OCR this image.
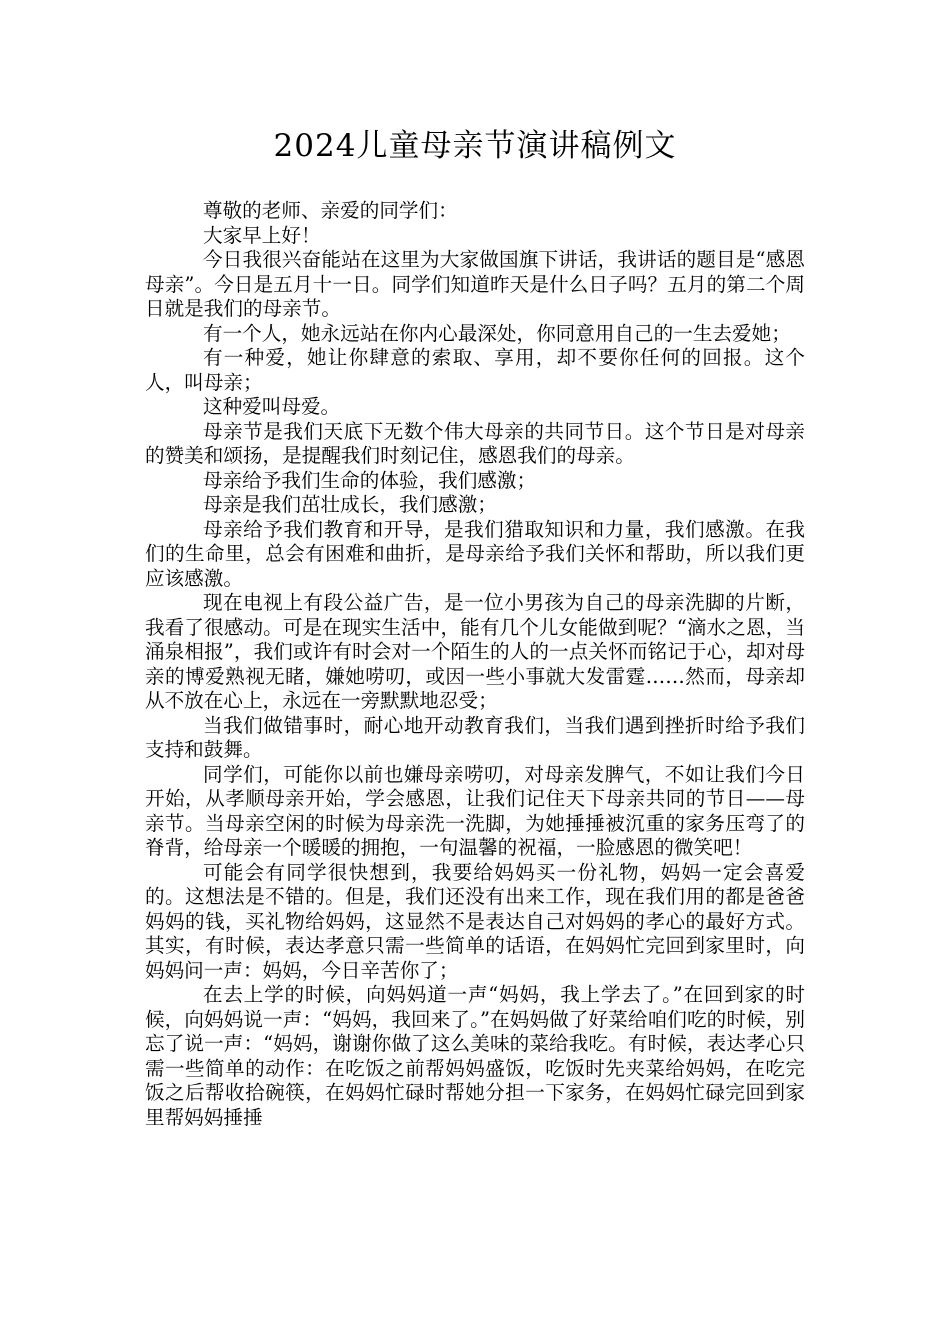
2024儿童母亲节演讲稿例文

尊敬的老师、亲爱的同学们：

大家早上好！

今日我很兴奋能站在这里为大家做国旗下讲话，我讲话的题目是“感恩母亲”。今日是五月十一日。同学们知道昨天是什么日子吗？五月的第二个周日就是我们的母亲节。

有一个人，她永远站在你内心最深处，你同意用自己的一生去爱她；

有一种爱，她让你肆意的索取、享用，却不要你任何的回报。这个人，叫母亲；

这种爱叫母爱。

母亲节是我们天底下无数个伟大母亲的共同节日。这个节日是对母亲的赞美和颂扬，是提醒我们时刻记住，感恩我们的母亲。

母亲给予我们生命的体验，我们感激；

母亲是我们茁壮成长，我们感激；

母亲给予我们教育和开导，是我们猎取知识和力量，我们感激。在我们的生命里，总会有困难和曲折，是母亲给予我们关怀和帮助，所以我们更应该感激。

现在电视上有段公益广告，是一位小男孩为自己的母亲洗脚的片断，我看了很感动。可是在现实生活中，能有几个儿女能做到呢？“滴水之恩，当涌泉相报”，我们或许有时会对一个陌生的人的一点关怀而铭记于心，却对母亲的博爱熟视无睹，嫌她唠叨，或因一些小事就大发雷霆……然而，母亲却从不放在心上，永远在一旁默默地忍受；

当我们做错事时，耐心地开动教育我们，当我们遇到挫折时给予我们支持和鼓舞。

同学们，可能你以前也嫌母亲唠叨，对母亲发脾气，不如让我们今日开始，从孝顺母亲开始，学会感恩，让我们记住天下母亲共同的节日——母亲节。当母亲空闲的时候为母亲洗一洗脚，为她捶捶被沉重的家务压弯了的脊背，给母亲一个暖暖的拥抱，一句温馨的祝福，一脸感恩的微笑吧！

可能会有同学很快想到，我要给妈妈买一份礼物，妈妈一定会喜爱的。这想法是不错的。但是，我们还没有出来工作，现在我们用的都是爸爸妈妈的钱，买礼物给妈妈，这显然不是表达自己对妈妈的孝心的最好方式。其实，有时候，表达孝意只需一些简单的话语，在妈妈忙完回到家里时，向妈妈问一声：妈妈，今日辛苦你了；

在去上学的时候，向妈妈道一声“妈妈，我上学去了。”在回到家的时候，向妈妈说一声：“妈妈，我回来了。”在妈妈做了好菜给咱们吃的时候，别忘了说一声：“妈妈，谢谢你做了这么美味的菜给我吃。有时候，表达孝心只需一些简单的动作：在吃饭之前帮妈妈盛饭，吃饭时先夹菜给妈妈，在吃完饭之后帮收拾碗筷，在妈妈忙碌时帮她分担一下家务，在妈妈忙碌完回到家里帮妈妈捶捶
